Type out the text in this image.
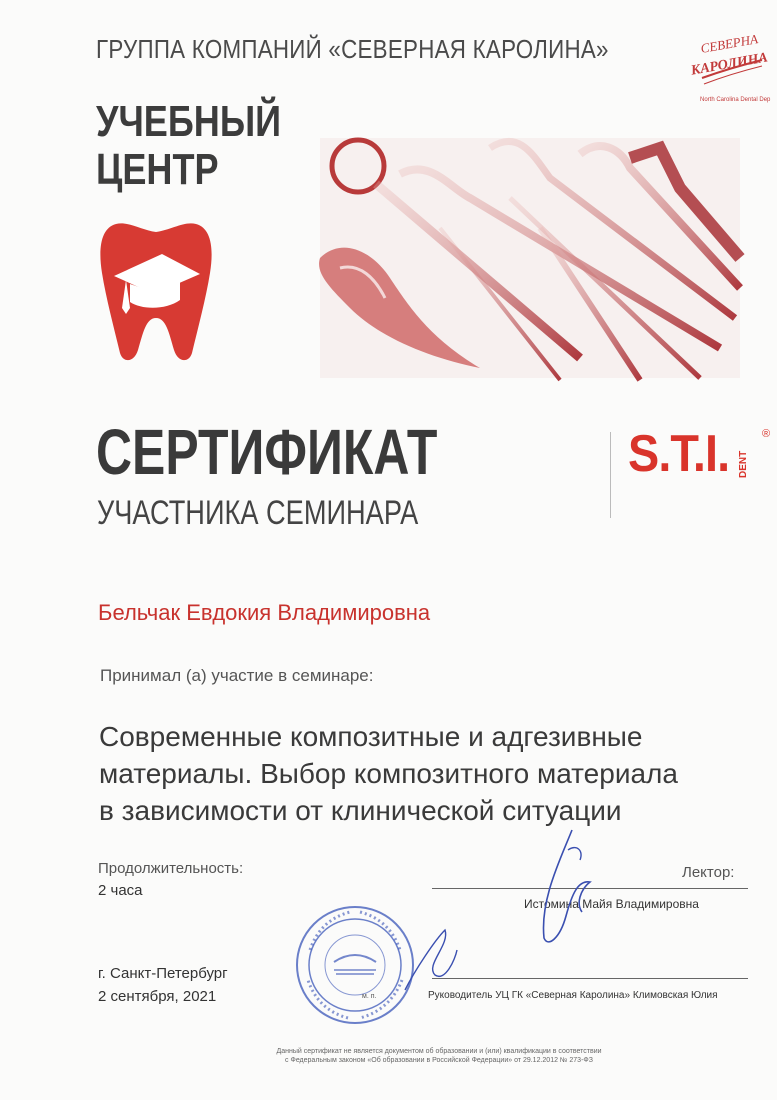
ГРУППА КОМПАНИЙ «СЕВЕРНАЯ КАРОЛИНА»	СЕВЕРНА
КАРОЛИНА
North Carolina Dental Dep
УЧЕБНЫЙ
ЦЕНТР
СЕРТИФИКАТ
УЧАСТНИКА СЕМИНАРА
S.T.I. DENT
®
Бельчак Евдокия Владимировна
Принимал (а) участие в семинаре:
Современные композитные и адгезивные
материалы. Выбор композитного материала
в зависимости от клинической ситуации
Продолжительность:
2 часа
Лектор:
Истомина Майя Владимировна
г. Санкт-Петербург
2 сентября, 2021	м. п.	Руководитель УЦ ГК «Северная Каролина» Климовская Юлия
Данный сертификат не является документом об образовании и (или) квалификации в соответствии
с Федеральным законом «Об образовании в Российской Федерации» от 29.12.2012 № 273-ФЗ
